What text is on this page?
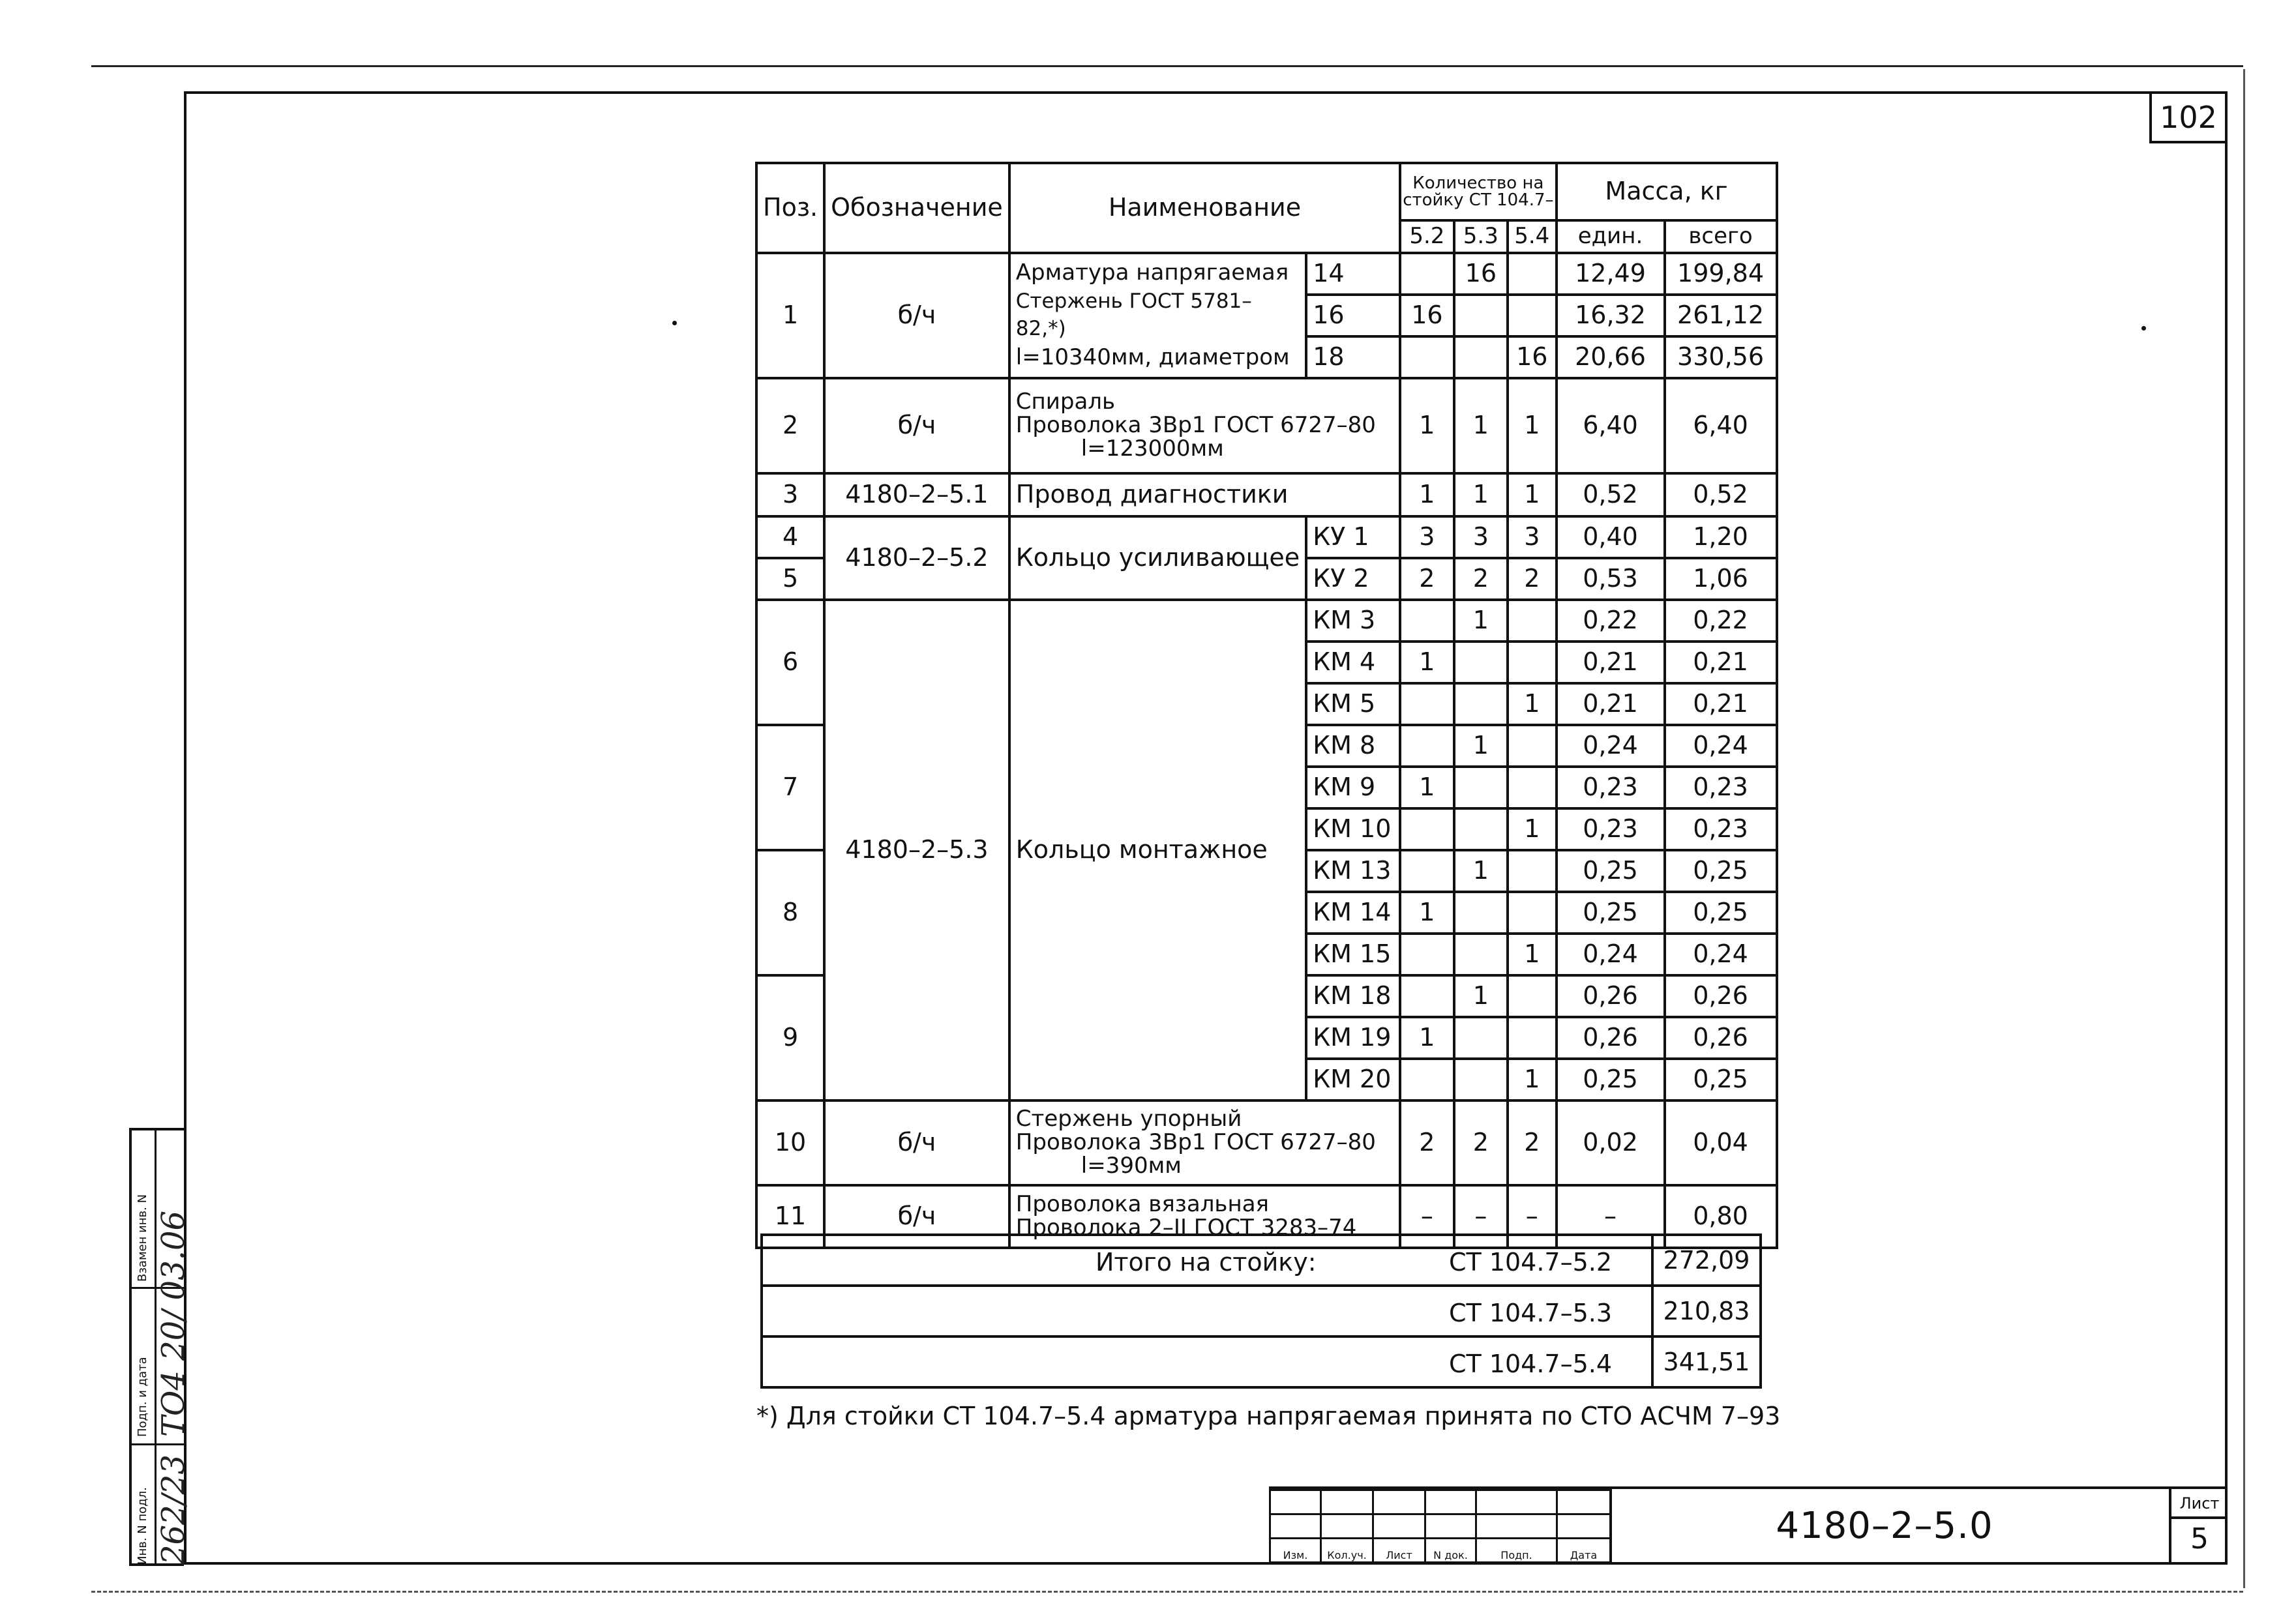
102
Поз.	Обозначение	Наименование		Количество на
стойку СТ 104.7–			Масса, кг	
				5.2	5.3	5.4	един.	всего
1	б/ч	Арматура напрягаемая
Стержень ГОСТ 5781–82,*)
l=10340мм, диаметром	14		16		12,49	199,84
			16	16			16,32	261,12
			18			16	20,66	330,56
2	б/ч	Спираль
Проволока 3Вр1 ГОСТ 6727–80
l=123000мм		1	1	1	6,40	6,40
3	4180–2–5.1	Провод диагностики		1	1	1	0,52	0,52
4	4180–2–5.2	Кольцо усиливающее	КУ 1	3	3	3	0,40	1,20
5			КУ 2	2	2	2	0,53	1,06
6	4180–2–5.3	Кольцо монтажное	КМ 3		1		0,22	0,22
			КМ 4	1			0,21	0,21
			КМ 5			1	0,21	0,21
7			КМ 8		1		0,24	0,24
			КМ 9	1			0,23	0,23
			КМ 10			1	0,23	0,23
8			КМ 13		1		0,25	0,25
			КМ 14	1			0,25	0,25
			КМ 15			1	0,24	0,24
9			КМ 18		1		0,26	0,26
			КМ 19	1			0,26	0,26
			КМ 20			1	0,25	0,25
10	б/ч	Стержень упорный
Проволока 3Вр1 ГОСТ 6727–80
l=390мм		2	2	2	0,02	0,04
11	б/ч	Проволока вязальная
Проволока 2–II ГОСТ 3283–74		–	–	–	–	0,80
Итого на стойку: СТ 104.7–5.2	272,09

СТ 104.7–5.3	210,83

СТ 104.7–5.4	341,51
*) Для стойки СТ 104.7–5.4 арматура напрягаемая принята по СТО АСЧМ 7–93

Изм.	Кол.уч.	Лист	N док.	Подп.	Дата
4180–2–5.0
Лист
5
Взамен инв. N
Подп. и дата
Инв. N подл.
ТО4 20/ 03.06
262/23
